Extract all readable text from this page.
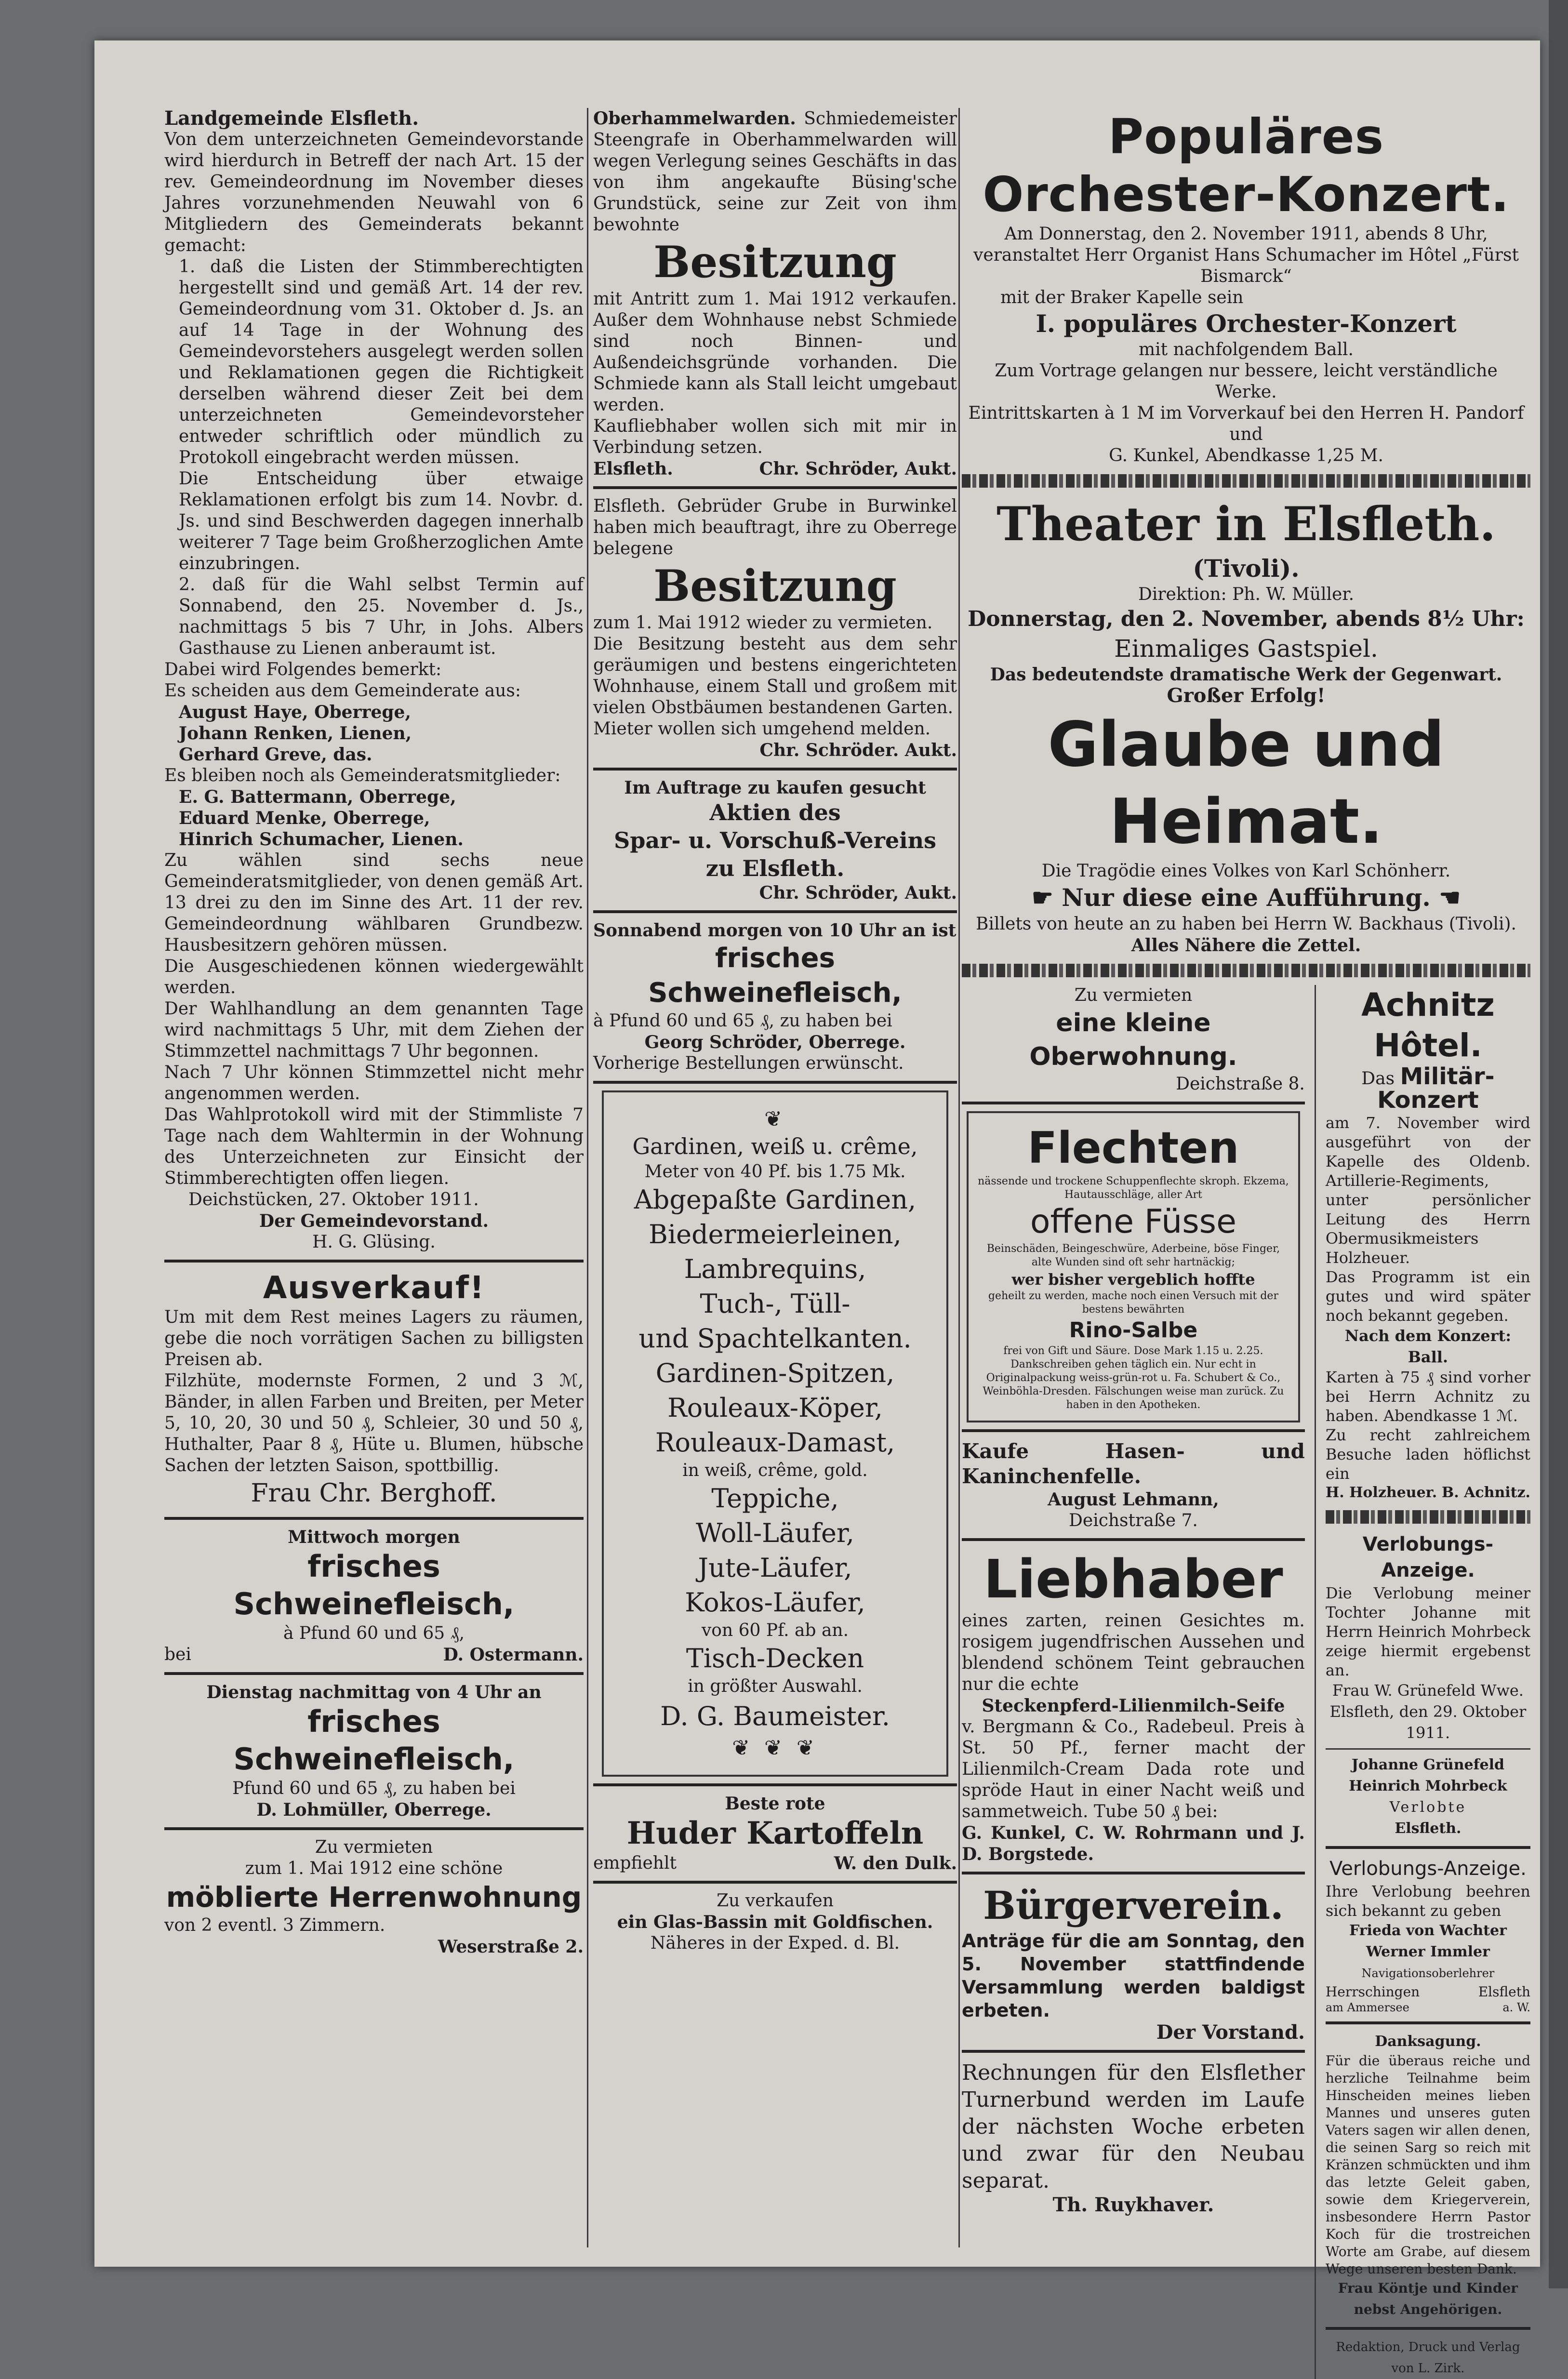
Landgemeinde Elsfleth.

Von dem unterzeichneten Gemeindevorstande wird hierdurch in Betreff der nach Art. 15 der rev. Gemeindeordnung im November dieses Jahres vorzunehmenden Neuwahl von 6 Mitgliedern des Gemeinderats bekannt gemacht:

1. daß die Listen der Stimmberechtigten hergestellt sind und gemäß Art. 14 der rev. Gemeindeordnung vom 31. Oktober d. Js. an auf 14 Tage in der Wohnung des Gemeindevorstehers ausgelegt werden sollen und Reklamationen gegen die Richtigkeit derselben während dieser Zeit bei dem unterzeichneten Gemeindevorsteher entweder schriftlich oder mündlich zu Protokoll eingebracht werden müssen.

Die Entscheidung über etwaige Reklamationen erfolgt bis zum 14. Novbr. d. Js. und sind Beschwerden dagegen innerhalb weiterer 7 Tage beim Großherzoglichen Amte einzubringen.

2. daß für die Wahl selbst Termin auf Sonnabend, den 25. November d. Js., nachmittags 5 bis 7 Uhr, in Johs. Albers Gasthause zu Lienen anberaumt ist.

Dabei wird Folgendes bemerkt:

Es scheiden aus dem Gemeinderate aus:

August Haye, Oberrege,

Johann Renken, Lienen,

Gerhard Greve, das.

Es bleiben noch als Gemeinderatsmitglieder:

E. G. Battermann, Oberrege,

Eduard Menke, Oberrege,

Hinrich Schumacher, Lienen.

Zu wählen sind sechs neue Gemeinderatsmitglieder, von denen gemäß Art. 13 drei zu den im Sinne des Art. 11 der rev. Gemeindeordnung wählbaren Grundbezw. Hausbesitzern gehören müssen.

Die Ausgeschiedenen können wiedergewählt werden.

Der Wahlhandlung an dem genannten Tage wird nachmittags 5 Uhr, mit dem Ziehen der Stimmzettel nachmittags 7 Uhr begonnen.

Nach 7 Uhr können Stimmzettel nicht mehr angenommen werden.

Das Wahlprotokoll wird mit der Stimmliste 7 Tage nach dem Wahltermin in der Wohnung des Unterzeichneten zur Einsicht der Stimmberechtigten offen liegen.

Deichstücken, 27. Oktober 1911.

Der Gemeindevorstand.

H. G. Glüsing.

Ausverkauf!

Um mit dem Rest meines Lagers zu räumen, gebe die noch vorrätigen Sachen zu billigsten Preisen ab.

Filzhüte, modernste Formen, 2 und 3 ℳ, Bänder, in allen Farben und Breiten, per Meter 5, 10, 20, 30 und 50 ₰, Schleier, 30 und 50 ₰, Huthalter, Paar 8 ₰, Hüte u. Blumen, hübsche Sachen der letzten Saison, spottbillig.

Frau Chr. Berghoff.

Mittwoch morgen

frisches Schweinefleisch,

à Pfund 60 und 65 ₰,

bei	D. Ostermann.

Dienstag nachmittag von 4 Uhr an

frisches Schweinefleisch,

Pfund 60 und 65 ₰, zu haben bei

D. Lohmüller, Oberrege.

Zu vermieten

zum 1. Mai 1912 eine schöne

möblierte Herrenwohnung

von 2 eventl. 3 Zimmern.

Weserstraße 2.

Oberhammelwarden. Schmiedemeister Steengrafe in Oberhammelwarden will wegen Verlegung seines Geschäfts in das von ihm angekaufte Büsing'sche Grundstück, seine zur Zeit von ihm bewohnte

Besitzung

mit Antritt zum 1. Mai 1912 verkaufen. Außer dem Wohnhause nebst Schmiede sind noch Binnen- und Außendeichsgründe vorhanden. Die Schmiede kann als Stall leicht umgebaut werden.

Kaufliebhaber wollen sich mit mir in Verbindung setzen.

Elsfleth.	Chr. Schröder, Aukt.

Elsfleth. Gebrüder Grube in Burwinkel haben mich beauftragt, ihre zu Oberrege belegene

Besitzung

zum 1. Mai 1912 wieder zu vermieten.

Die Besitzung besteht aus dem sehr geräumigen und bestens eingerichteten Wohnhause, einem Stall und großem mit vielen Obstbäumen bestandenen Garten.

Mieter wollen sich umgehend melden.

Chr. Schröder. Aukt.

Im Auftrage zu kaufen gesucht

Aktien des

Spar- u. Vorschuß-Vereins

zu Elsfleth.

Chr. Schröder, Aukt.

Sonnabend morgen von 10 Uhr an ist

frisches Schweinefleisch,

à Pfund 60 und 65 ₰, zu haben bei

Georg Schröder, Oberrege.

Vorherige Bestellungen erwünscht.

❦

Gardinen, weiß u. crême,

Meter von 40 Pf. bis 1.75 Mk.

Abgepaßte Gardinen,

Biedermeierleinen,

Lambrequins,

Tuch-, Tüll-

und Spachtelkanten.

Gardinen-Spitzen,

Rouleaux-Köper,

Rouleaux-Damast,

in weiß, crême, gold.

Teppiche,

Woll-Läufer,

Jute-Läufer,

Kokos-Läufer,

von 60 Pf. ab an.

Tisch-Decken

in größter Auswahl.

D. G. Baumeister.

❦ ❦ ❦

Beste rote

Huder Kartoffeln

empfiehlt	W. den Dulk.

Zu verkaufen

ein Glas-Bassin mit Goldfischen.

Näheres in der Exped. d. Bl.

Populäres Orchester-Konzert.

Am Donnerstag, den 2. November 1911, abends 8 Uhr,

veranstaltet Herr Organist Hans Schumacher im Hôtel „Fürst Bismarck“

mit der Braker Kapelle sein

I. populäres Orchester-Konzert

mit nachfolgendem Ball.

Zum Vortrage gelangen nur bessere, leicht verständliche Werke.

Eintrittskarten à 1 M im Vorverkauf bei den Herren H. Pandorf und

G. Kunkel, Abendkasse 1,25 M.

Theater in Elsfleth.

(Tivoli).

Direktion: Ph. W. Müller.

Donnerstag, den 2. November, abends 8½ Uhr:

Einmaliges Gastspiel.

Das bedeutendste dramatische Werk der Gegenwart.

Großer Erfolg!

Glaube und Heimat.

Die Tragödie eines Volkes von Karl Schönherr.

☛ Nur diese eine Aufführung. ☚

Billets von heute an zu haben bei Herrn W. Backhaus (Tivoli).

Alles Nähere die Zettel.

Zu vermieten

eine kleine Oberwohnung.

Deichstraße 8.

Flechten

nässende und trockene Schuppenflechte skroph. Ekzema, Hautausschläge, aller Art

offene Füsse

Beinschäden, Beingeschwüre, Aderbeine, böse Finger, alte Wunden sind oft sehr hartnäckig;

wer bisher vergeblich hoffte

geheilt zu werden, mache noch einen Versuch mit der bestens bewährten

Rino-Salbe

frei von Gift und Säure. Dose Mark 1.15 u. 2.25. Dankschreiben gehen täglich ein. Nur echt in Originalpackung weiss-grün-rot u. Fa. Schubert & Co., Weinböhla-Dresden. Fälschungen weise man zurück. Zu haben in den Apotheken.

Kaufe Hasen- und Kaninchenfelle.

August Lehmann,

Deichstraße 7.

Liebhaber

eines zarten, reinen Gesichtes m. rosigem jugendfrischen Aussehen und blendend schönem Teint gebrauchen nur die echte

Steckenpferd-Lilienmilch-Seife

v. Bergmann & Co., Radebeul. Preis à St. 50 Pf., ferner macht der Lilienmilch-Cream Dada rote und spröde Haut in einer Nacht weiß und sammetweich. Tube 50 ₰ bei:

G. Kunkel, C. W. Rohrmann und J. D. Borgstede.

Bürgerverein.

Anträge für die am Sonntag, den 5. November stattfindende Versammlung werden baldigst erbeten.

Der Vorstand.

Rechnungen für den Elsflether Turnerbund werden im Laufe der nächsten Woche erbeten und zwar für den Neubau separat.

Th. Ruykhaver.

Achnitz Hôtel.

Das Militär-Konzert

am 7. November wird ausgeführt von der Kapelle des Oldenb. Artillerie-Regiments, unter persönlicher Leitung des Herrn Obermusikmeisters Holzheuer.

Das Programm ist ein gutes und wird später noch bekannt gegeben.

Nach dem Konzert: Ball.

Karten à 75 ₰ sind vorher bei Herrn Achnitz zu haben. Abendkasse 1 ℳ.

Zu recht zahlreichem Besuche laden höflichst ein

H. Holzheuer. B. Achnitz.

Verlobungs-Anzeige.

Die Verlobung meiner Tochter Johanne mit Herrn Heinrich Mohrbeck zeige hiermit ergebenst an.

Frau W. Grünefeld Wwe.

Elsfleth, den 29. Oktober 1911.

Johanne Grünefeld

Heinrich Mohrbeck

Verlobte

Elsfleth.

Verlobungs-Anzeige.

Ihre Verlobung beehren sich bekannt zu geben

Frieda von Wachter

Werner Immler

Navigationsoberlehrer

Herrschingen	Elsfleth
am Ammersee	a. W.

Danksagung.

Für die überaus reiche und herzliche Teilnahme beim Hinscheiden meines lieben Mannes und unseres guten Vaters sagen wir allen denen, die seinen Sarg so reich mit Kränzen schmückten und ihm das letzte Geleit gaben, sowie dem Kriegerverein, insbesondere Herrn Pastor Koch für die trostreichen Worte am Grabe, auf diesem Wege unseren besten Dank.

Frau Köntje und Kinder

nebst Angehörigen.

Redaktion, Druck und Verlag von L. Zirk.
